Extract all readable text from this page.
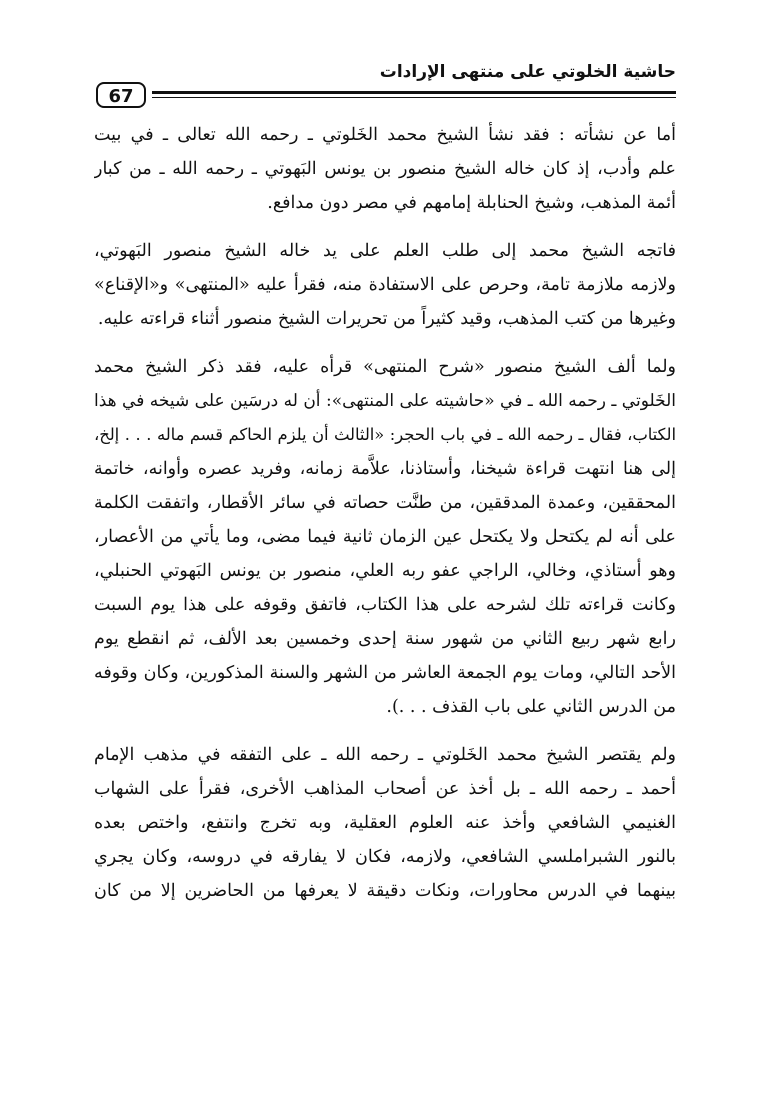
67
حاشية الخلوتي على منتهى الإرادات
أما عن نشأته : فقد نشأ الشيخ محمد الخَلوتي ـ رحمه الله تعالى ـ في بيت
علم وأدب، إذ كان خاله الشيخ منصور بن يونس البَهوتي ـ رحمه الله ـ من كبار
أئمة المذهب، وشيخ الحنابلة إمامهم في مصر دون مدافع.
فاتجه الشيخ محمد إلى طلب العلم على يد خاله الشيخ منصور البَهوتي،
ولازمه ملازمة تامة، وحرص على الاستفادة منه، فقرأ عليه «المنتهى» و«الإقناع»
وغيرها من كتب المذهب، وقيد كثيراً من تحريرات الشيخ منصور أثناء قراءته عليه.
ولما ألف الشيخ منصور «شرح المنتهى» قرأه عليه، فقد ذكر الشيخ محمد
الخَلوتي ـ رحمه الله ـ في «حاشيته على المنتهى»: أن له درسَين على شيخه في هذا
الكتاب، فقال ـ رحمه الله ـ في باب الحجر: «الثالث أن يلزم الحاكم قسم ماله . . . إلخ،
إلى هنا انتهت قراءة شيخنا، وأستاذنا، علاَّمة زمانه، وفريد عصره وأوانه، خاتمة
المحققين، وعمدة المدققين، من طنَّت حصاته في سائر الأقطار، واتفقت الكلمة
على أنه لم يكتحل ولا يكتحل عين الزمان ثانية فيما مضى، وما يأتي من الأعصار،
وهو أستاذي، وخالي، الراجي عفو ربه العلي، منصور بن يونس البَهوتي الحنبلي،
وكانت قراءته تلك لشرحه على هذا الكتاب، فاتفق وقوفه على هذا يوم السبت
رابع شهر ربيع الثاني من شهور سنة إحدى وخمسين بعد الألف، ثم انقطع يوم
الأحد التالي، ومات يوم الجمعة العاشر من الشهر والسنة المذكورين، وكان وقوفه
من الدرس الثاني على باب القذف . . .).
ولم يقتصر الشيخ محمد الخَلوتي ـ رحمه الله ـ على التفقه في مذهب الإمام
أحمد ـ رحمه الله ـ بل أخذ عن أصحاب المذاهب الأخرى، فقرأ على الشهاب
الغنيمي الشافعي وأخذ عنه العلوم العقلية، وبه تخرج وانتفع، واختص بعده
بالنور الشبراملسي الشافعي، ولازمه، فكان لا يفارقه في دروسه، وكان يجري
بينهما في الدرس محاورات، ونكات دقيقة لا يعرفها من الحاضرين إلا من كان
